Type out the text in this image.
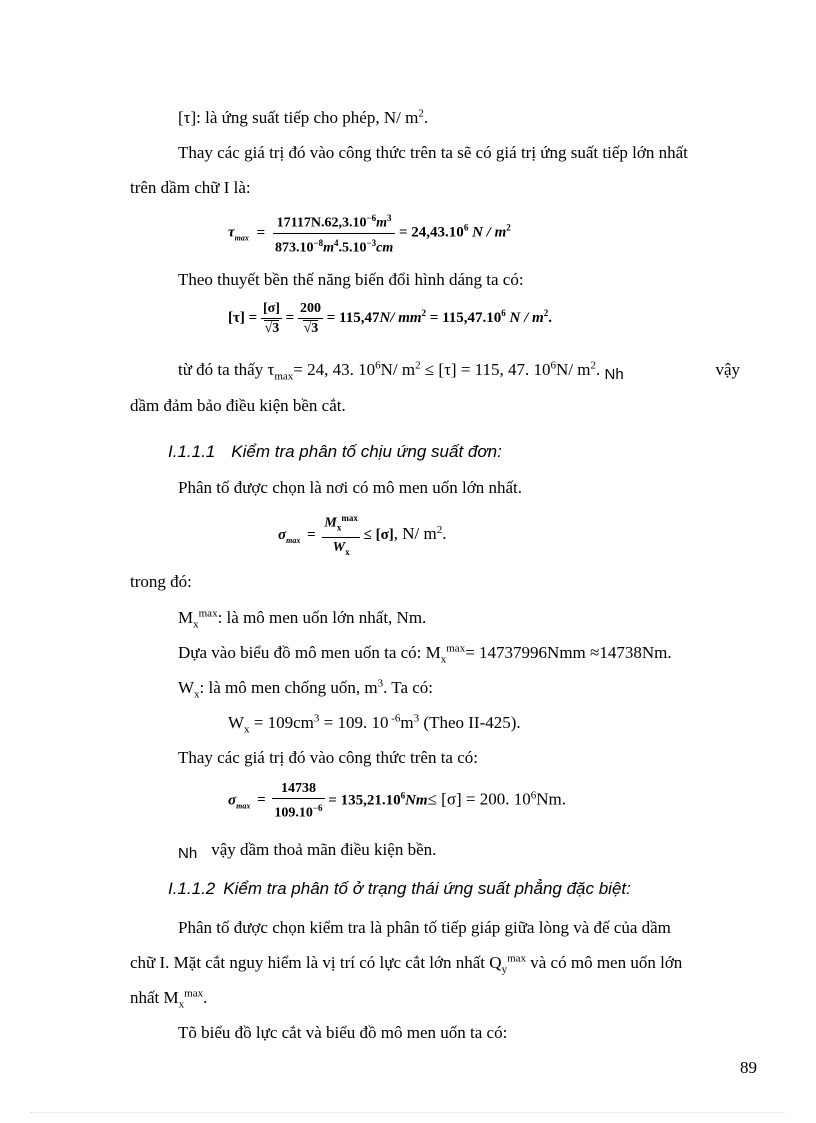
[τ]: là ứng suất tiếp cho phép, N/ $m^2$.
Thay các giá trị đó vào công thức trên ta sẽ có giá trị ứng suất tiếp lớn nhất
trên dầm chữ I là:
$\tau_{max} = \frac{17117N.62,3.10^{-6}m^3}{873.10^{-8}m^4.5.10^{-3}cm} = 24,43.10^6$ N / $m^2$
Theo thuyết bền thế năng biến đổi hình dáng ta có:
$[\tau] = \frac{[\sigma]}{√3} = \frac{200}{√3} = 115,47N/$ $mm^2 = 115,47.10^6$ N / $m^2$.
từ đó ta thấy $\tau_{max}= 24$, 43. $10^6N/$ $m^2 \le [\tau] = 115$, 47. $10^6N/$ $m^2$. Nh	vậy
dầm đảm bảo điều kiện bền cắt.
I.1.1.1 Kiểm tra phân tố chịu ứng suất đơn:
Phân tố được chọn là nơi có mô men uốn lớn nhất.
$\sigma_{max} = \frac{M_x^{max}}{W_x} \le [\sigma]$, N/ $m^2$.
trong đó:
$M_x^{max}$: là mô men uốn lớn nhất, Nm.
Dựa vào biểu đồ mô men uốn ta có: $M_x^{max}= 14737996Nmm \approx 14738Nm$.
$W_x$: là mô men chống uốn, $m^3$. Ta có:
$W_x = 109cm^3 = 109$. 10 $^{-6}m^3$ (Theo II-425).
Thay các giá trị đó vào công thức trên ta có:
$\sigma_{max} = \frac{14738}{109.10^{-6}} = 135,21.10^6Nm\le [\sigma] = 200$. $10^6Nm$.
Nh vậy dầm thoả mãn điều kiện bền.
I.1.1.2 Kiểm tra phân tố ở trạng thái ứng suất phẳng đặc biệt:
Phân tố được chọn kiểm tra là phân tố tiếp giáp giữa lòng và đế của dầm
chữ I. Mặt cắt nguy hiểm là vị trí có lực cắt lớn nhất $Q_y^{max}$ và có mô men uốn lớn
nhất $M_x^{max}$.
Tõ biểu đồ lực cắt và biểu đồ mô men uốn ta có:
89
